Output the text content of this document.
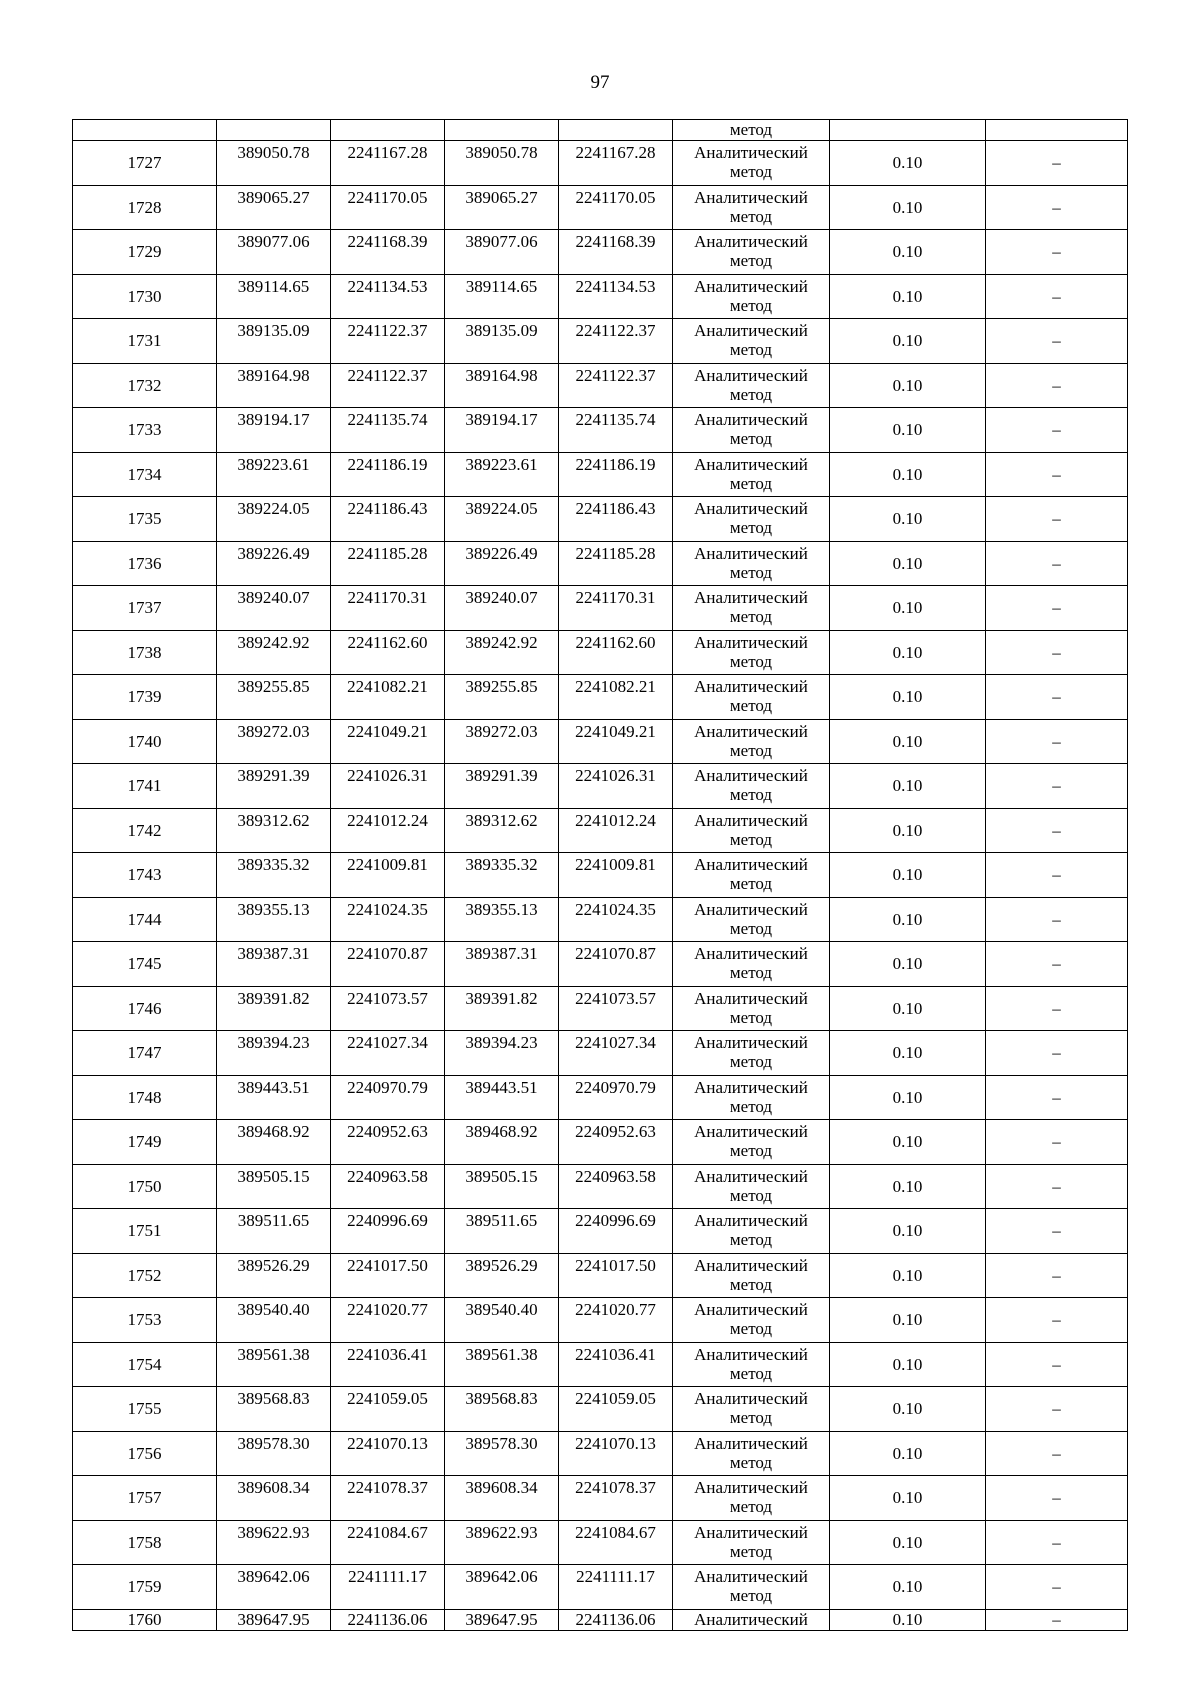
97
					метод		
1727	389050.78	2241167.28	389050.78	2241167.28	Аналитический метод	0.10	–
1728	389065.27	2241170.05	389065.27	2241170.05	Аналитический метод	0.10	–
1729	389077.06	2241168.39	389077.06	2241168.39	Аналитический метод	0.10	–
1730	389114.65	2241134.53	389114.65	2241134.53	Аналитический метод	0.10	–
1731	389135.09	2241122.37	389135.09	2241122.37	Аналитический метод	0.10	–
1732	389164.98	2241122.37	389164.98	2241122.37	Аналитический метод	0.10	–
1733	389194.17	2241135.74	389194.17	2241135.74	Аналитический метод	0.10	–
1734	389223.61	2241186.19	389223.61	2241186.19	Аналитический метод	0.10	–
1735	389224.05	2241186.43	389224.05	2241186.43	Аналитический метод	0.10	–
1736	389226.49	2241185.28	389226.49	2241185.28	Аналитический метод	0.10	–
1737	389240.07	2241170.31	389240.07	2241170.31	Аналитический метод	0.10	–
1738	389242.92	2241162.60	389242.92	2241162.60	Аналитический метод	0.10	–
1739	389255.85	2241082.21	389255.85	2241082.21	Аналитический метод	0.10	–
1740	389272.03	2241049.21	389272.03	2241049.21	Аналитический метод	0.10	–
1741	389291.39	2241026.31	389291.39	2241026.31	Аналитический метод	0.10	–
1742	389312.62	2241012.24	389312.62	2241012.24	Аналитический метод	0.10	–
1743	389335.32	2241009.81	389335.32	2241009.81	Аналитический метод	0.10	–
1744	389355.13	2241024.35	389355.13	2241024.35	Аналитический метод	0.10	–
1745	389387.31	2241070.87	389387.31	2241070.87	Аналитический метод	0.10	–
1746	389391.82	2241073.57	389391.82	2241073.57	Аналитический метод	0.10	–
1747	389394.23	2241027.34	389394.23	2241027.34	Аналитический метод	0.10	–
1748	389443.51	2240970.79	389443.51	2240970.79	Аналитический метод	0.10	–
1749	389468.92	2240952.63	389468.92	2240952.63	Аналитический метод	0.10	–
1750	389505.15	2240963.58	389505.15	2240963.58	Аналитический метод	0.10	–
1751	389511.65	2240996.69	389511.65	2240996.69	Аналитический метод	0.10	–
1752	389526.29	2241017.50	389526.29	2241017.50	Аналитический метод	0.10	–
1753	389540.40	2241020.77	389540.40	2241020.77	Аналитический метод	0.10	–
1754	389561.38	2241036.41	389561.38	2241036.41	Аналитический метод	0.10	–
1755	389568.83	2241059.05	389568.83	2241059.05	Аналитический метод	0.10	–
1756	389578.30	2241070.13	389578.30	2241070.13	Аналитический метод	0.10	–
1757	389608.34	2241078.37	389608.34	2241078.37	Аналитический метод	0.10	–
1758	389622.93	2241084.67	389622.93	2241084.67	Аналитический метод	0.10	–
1759	389642.06	2241111.17	389642.06	2241111.17	Аналитический метод	0.10	–
1760	389647.95	2241136.06	389647.95	2241136.06	Аналитический	0.10	–
